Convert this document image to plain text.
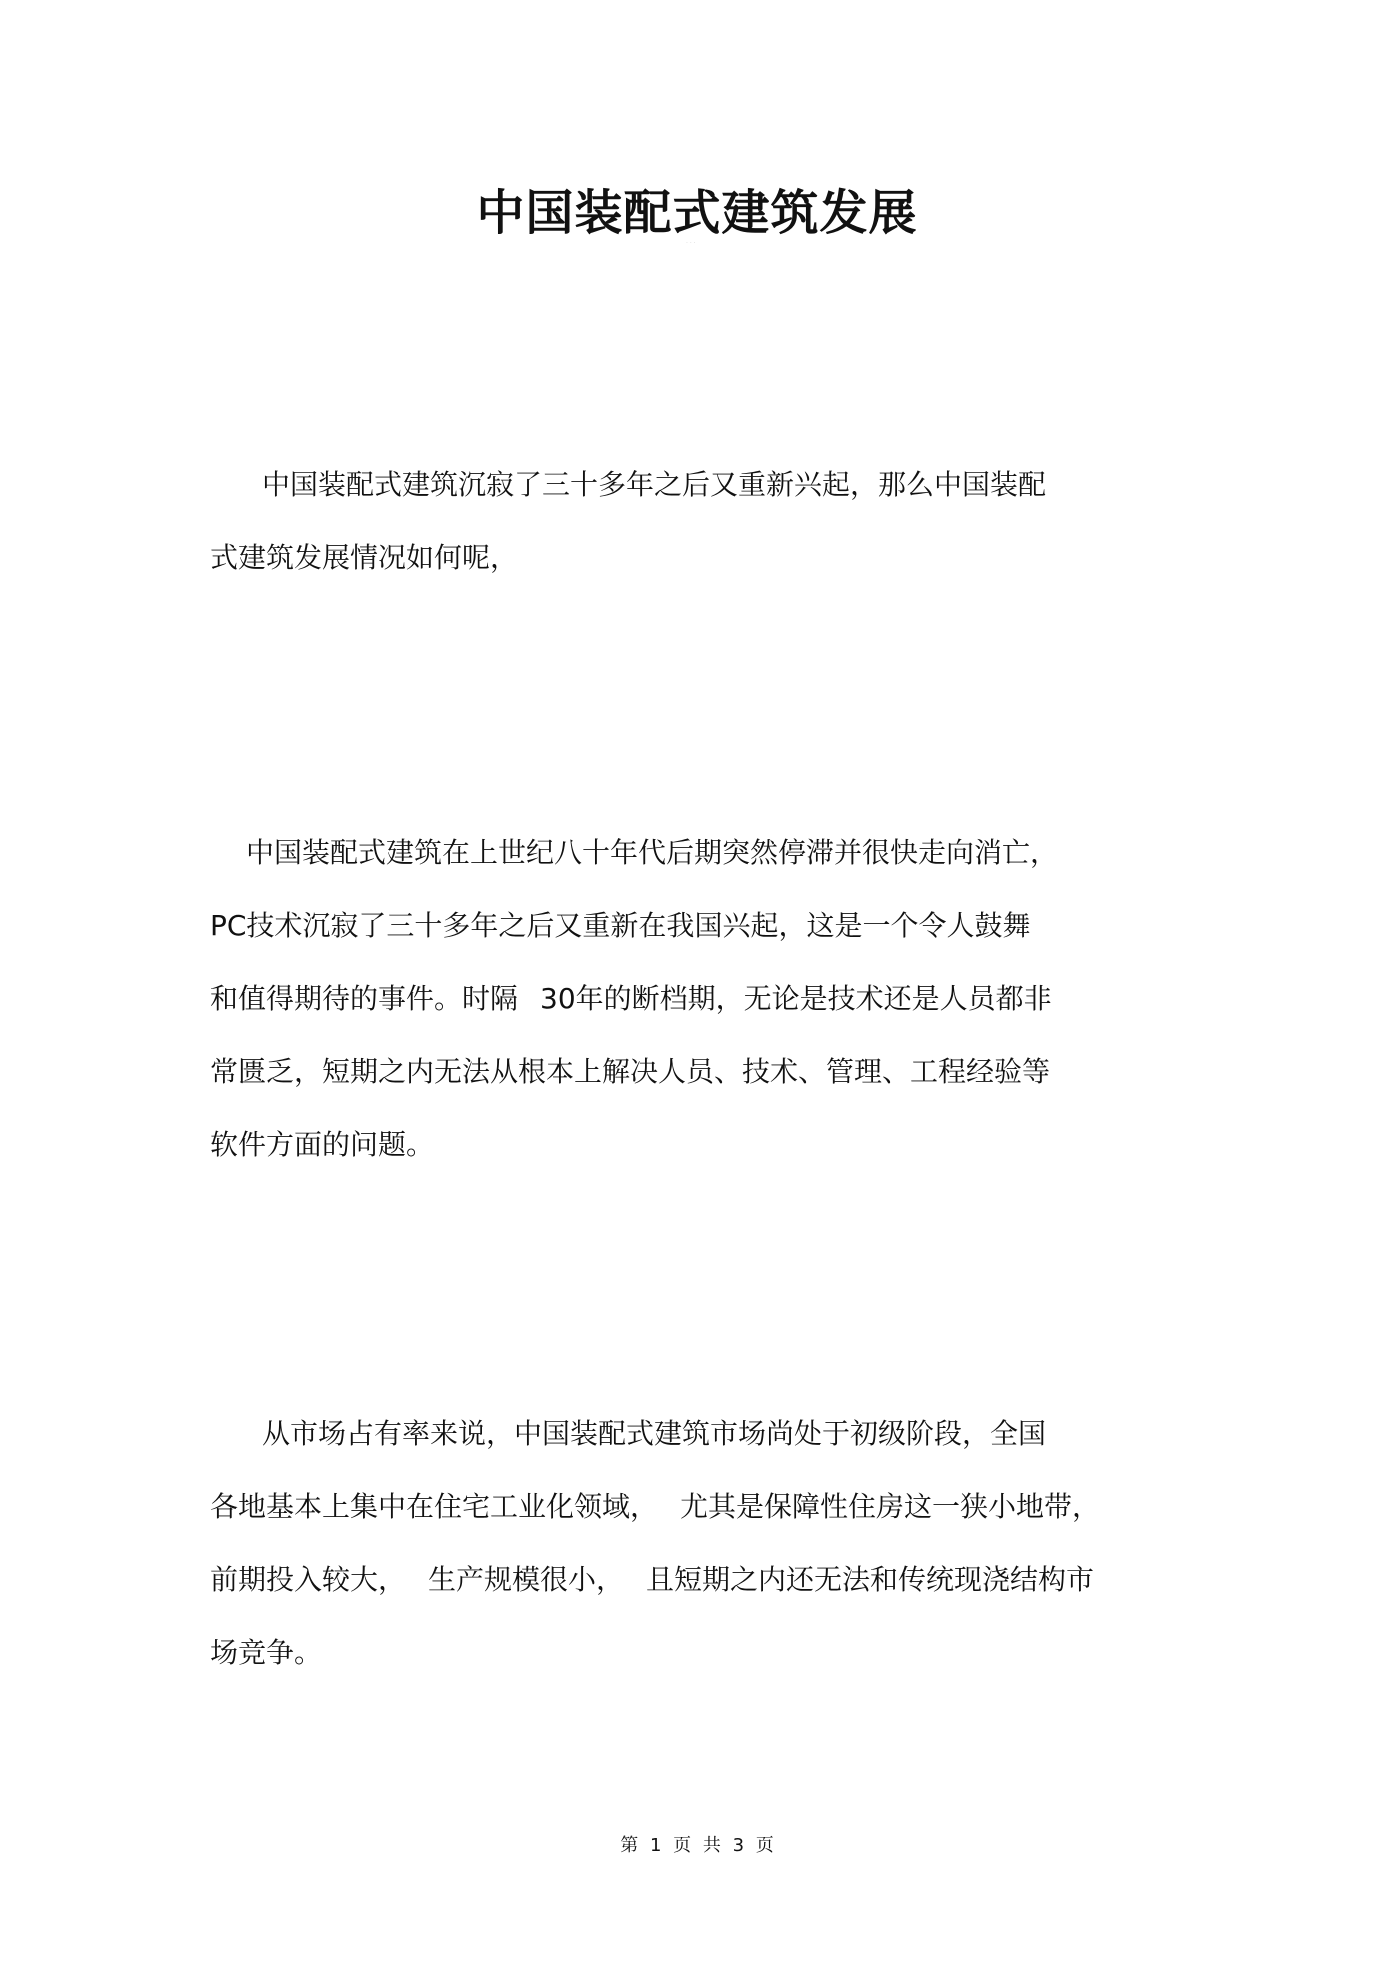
中国装配式建筑发展
· · ·

中国装配式建筑沉寂了三十多年之后又重新兴起，那么中国装配
式建筑发展情况如何呢，

中国装配式建筑在上世纪八十年代后期突然停滞并很快走向消亡，
PC技术沉寂了三十多年之后又重新在我国兴起，这是一个令人鼓舞
和值得期待的事件。时隔 30年的断档期，无论是技术还是人员都非
常匮乏，短期之内无法从根本上解决人员、技术、管理、工程经验等
软件方面的问题。

从市场占有率来说，中国装配式建筑市场尚处于初级阶段，全国
各地基本上集中在住宅工业化领域， 尤其是保障性住房这一狭小地带，
前期投入较大， 生产规模很小， 且短期之内还无法和传统现浇结构市
场竞争。

第 1 页 共 3 页
